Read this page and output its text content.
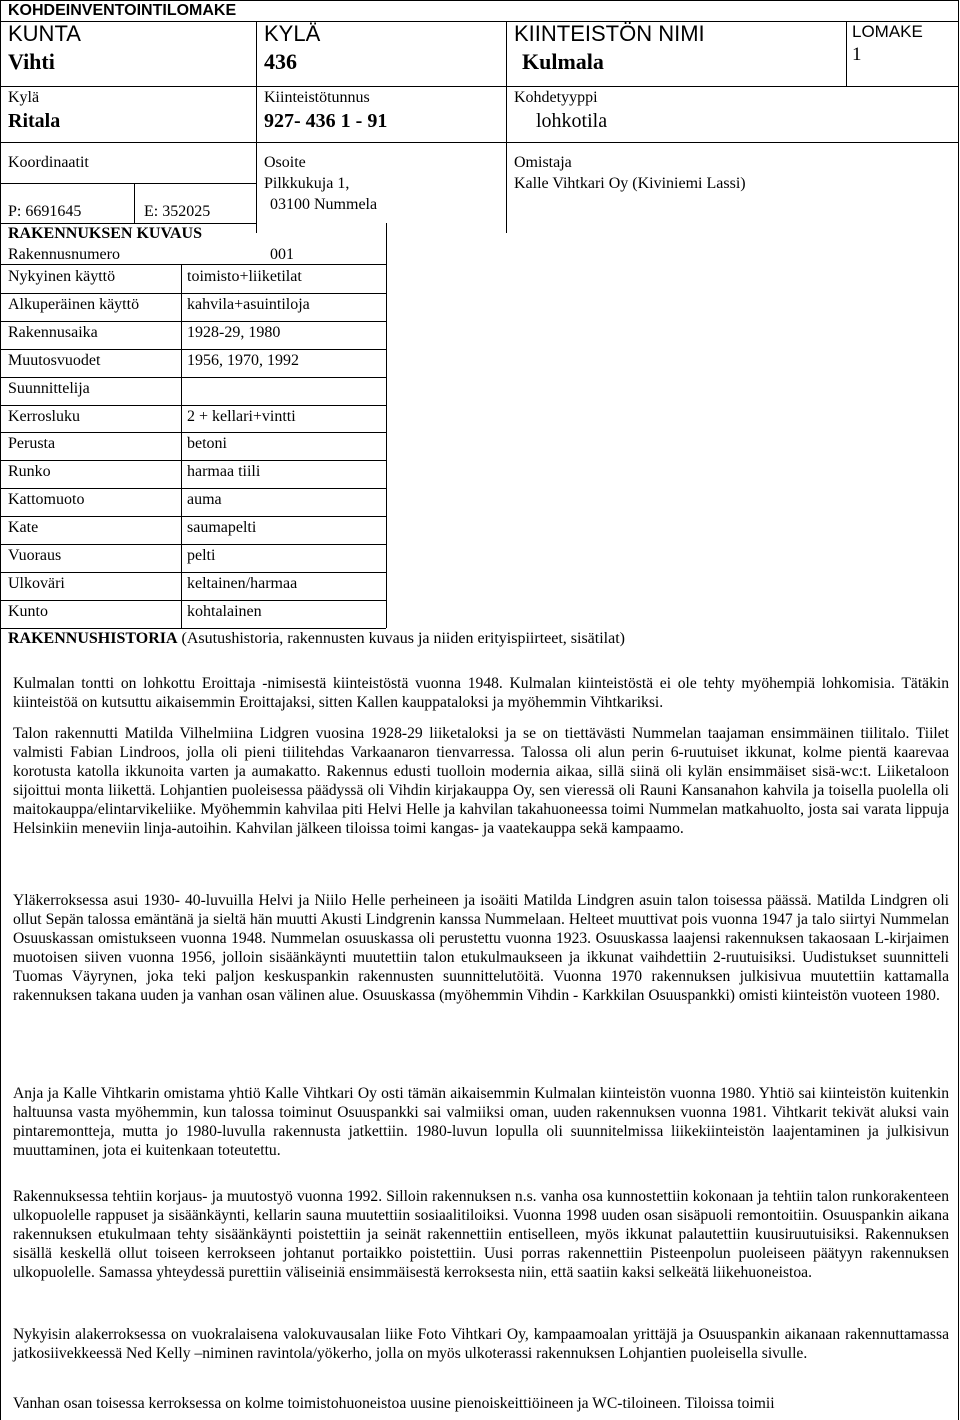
KOHDEINVENTOINTILOMAKE
KUNTA
Vihti
KYLÄ
436
KIINTEISTÖN NIMI
Kulmala
LOMAKE
1
Kylä
Ritala
Kiinteistötunnus
927- 436 1 - 91
Kohdetyyppi
lohkotila
Koordinaatit
P: 6691645	E: 352025
Osoite
Pilkkukuja 1,
03100 Nummela
Omistaja
Kalle Vihtkari Oy (Kiviniemi Lassi)
RAKENNUKSEN KUVAUS
Rakennusnumero	001
Nykyinen käyttö	toimisto+liiketilat
Alkuperäinen käyttö	kahvila+asuintiloja
Rakennusaika	1928-29, 1980
Muutosvuodet	1956, 1970, 1992
Suunnittelija
Kerrosluku	2 + kellari+vintti
Perusta	betoni
Runko	harmaa tiili
Kattomuoto	auma
Kate	saumapelti
Vuoraus	pelti
Ulkoväri	keltainen/harmaa
Kunto	kohtalainen
RAKENNUSHISTORIA (Asutushistoria, rakennusten kuvaus ja niiden erityispiirteet, sisätilat)
Kulmalan tontti on lohkottu Eroittaja -nimisestä kiinteistöstä vuonna 1948. Kulmalan kiinteistöstä ei ole tehty myöhempiä lohkomisia. Tätäkin kiinteistöä on kutsuttu aikaisemmin Eroittajaksi, sitten Kallen kauppataloksi ja myöhemmin Vihtkariksi.
Talon rakennutti Matilda Vilhelmiina Lidgren vuosina 1928-29 liiketaloksi ja se on tiettävästi Nummelan taajaman ensimmäinen tiilitalo. Tiilet valmisti Fabian Lindroos, jolla oli pieni tiilitehdas Varkaanaron tienvarressa. Talossa oli alun perin 6-ruutuiset ikkunat, kolme pientä kaarevaa korotusta katolla ikkunoita varten ja aumakatto. Rakennus edusti tuolloin modernia aikaa, sillä siinä oli kylän ensimmäiset sisä-wc:t. Liiketaloon sijoittui monta liikettä. Lohjantien puoleisessa päädyssä oli Vihdin kirjakauppa Oy, sen vieressä oli Rauni Kansanahon kahvila ja toisella puolella oli maitokauppa/elintarvikeliike. Myöhemmin kahvilaa piti Helvi Helle ja kahvilan takahuoneessa toimi Nummelan matkahuolto, josta sai varata lippuja Helsinkiin meneviin linja-autoihin. Kahvilan jälkeen tiloissa toimi kangas- ja vaatekauppa sekä kampaamo.
Yläkerroksessa asui 1930- 40-luvuilla Helvi ja Niilo Helle perheineen ja isoäiti Matilda Lindgren asuin talon toisessa päässä. Matilda Lindgren oli ollut Sepän talossa emäntänä ja sieltä hän muutti Akusti Lindgrenin kanssa Nummelaan. Helteet muuttivat pois vuonna 1947 ja talo siirtyi Nummelan Osuuskassan omistukseen vuonna 1948. Nummelan osuuskassa oli perustettu vuonna 1923. Osuuskassa laajensi rakennuksen takaosaan L-kirjaimen muotoisen siiven vuonna 1956, jolloin sisäänkäynti muutettiin talon etukulmaukseen ja ikkunat vaihdettiin 2-ruutuisiksi. Uudistukset suunnitteli Tuomas Väyrynen, joka teki paljon keskuspankin rakennusten suunnittelutöitä. Vuonna 1970 rakennuksen julkisivua muutettiin kattamalla rakennuksen takana uuden ja vanhan osan välinen alue. Osuuskassa (myöhemmin Vihdin - Karkkilan Osuuspankki) omisti kiinteistön vuoteen 1980.
Anja ja Kalle Vihtkarin omistama yhtiö Kalle Vihtkari Oy osti tämän aikaisemmin Kulmalan kiinteistön vuonna 1980. Yhtiö sai kiinteistön kuitenkin haltuunsa vasta myöhemmin, kun talossa toiminut Osuuspankki sai valmiiksi oman, uuden rakennuksen vuonna 1981. Vihtkarit tekivät aluksi vain pintaremontteja, mutta jo 1980-luvulla rakennusta jatkettiin. 1980-luvun lopulla oli suunnitelmissa liikekiinteistön laajentaminen ja julkisivun muuttaminen, jota ei kuitenkaan toteutettu.
Rakennuksessa tehtiin korjaus- ja muutostyö vuonna 1992. Silloin rakennuksen n.s. vanha osa kunnostettiin kokonaan ja tehtiin talon runkorakenteen ulkopuolelle rappuset ja sisäänkäynti, kellarin sauna muutettiin sosiaalitiloiksi. Vuonna 1998 uuden osan sisäpuoli remontoitiin. Osuuspankin aikana rakennuksen etukulmaan tehty sisäänkäynti poistettiin ja seinät rakennettiin entiselleen, myös ikkunat palautettiin kuusiruutuisiksi. Rakennuksen sisällä keskellä ollut toiseen kerrokseen johtanut portaikko poistettiin. Uusi porras rakennettiin Pisteenpolun puoleiseen päätyyn rakennuksen ulkopuolelle. Samassa yhteydessä purettiin väliseiniä ensimmäisestä kerroksesta niin, että saatiin kaksi selkeätä liikehuoneistoa.
Nykyisin alakerroksessa on vuokralaisena valokuvausalan liike Foto Vihtkari Oy, kampaamoalan yrittäjä ja Osuuspankin aikanaan rakennuttamassa jatkosiivekkeessä Ned Kelly –niminen ravintola/yökerho, jolla on myös ulkoterassi rakennuksen Lohjantien puoleisella sivulle.
Vanhan osan toisessa kerroksessa on kolme toimistohuoneistoa uusine pienoiskeittiöineen ja WC-tiloineen. Tiloissa toimii
